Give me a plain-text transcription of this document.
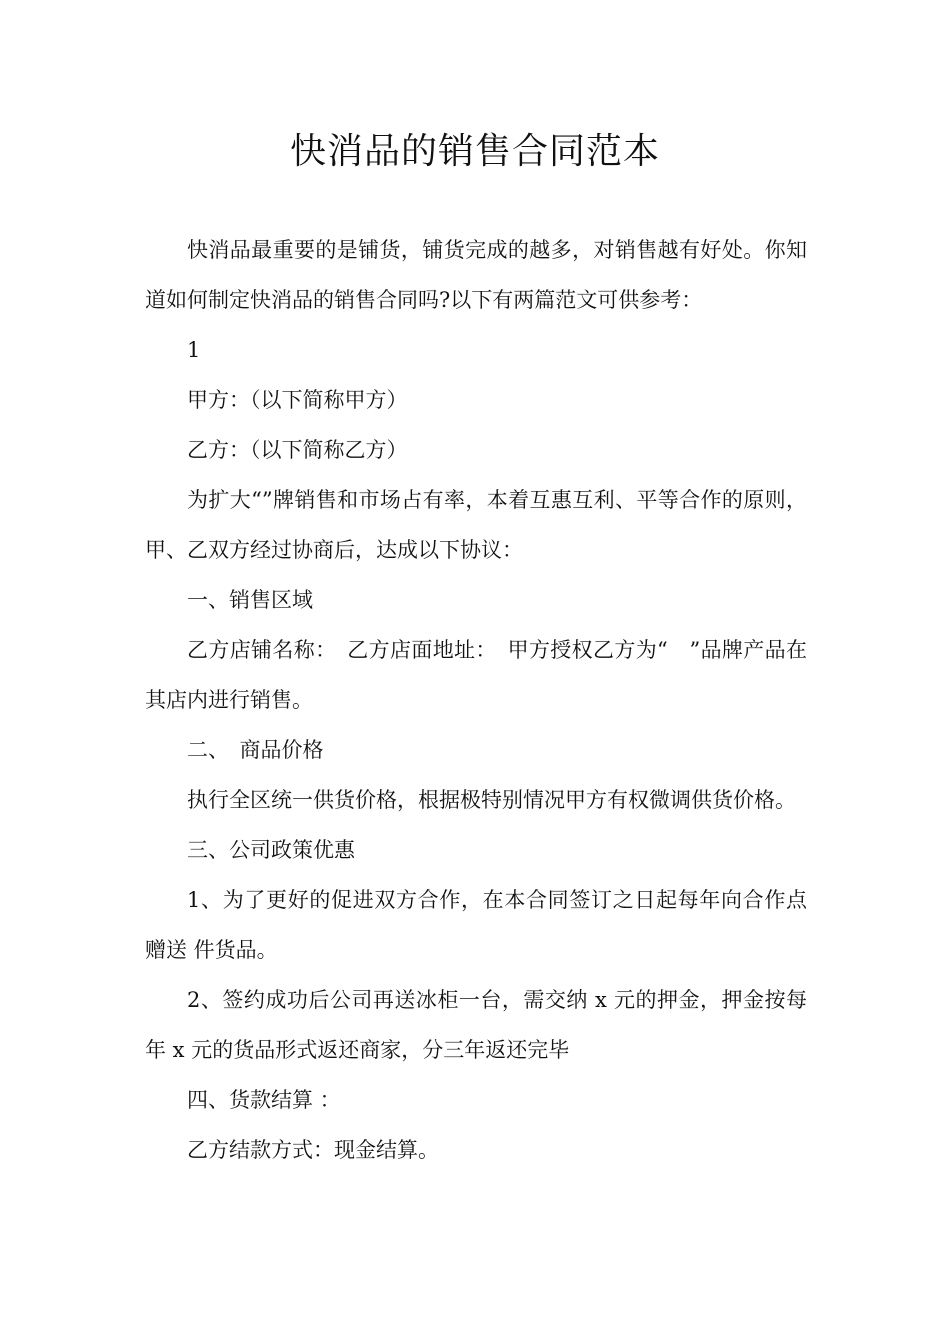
快消品的销售合同范本

快消品最重要的是铺货，铺货完成的越多，对销售越有好处。你知道如何制定快消品的销售合同吗?以下有两篇范文可供参考：

1

甲方：（以下简称甲方）

乙方：（以下简称乙方）

为扩大“”牌销售和市场占有率，本着互惠互利、平等合作的原则，甲、乙双方经过协商后，达成以下协议：

一、销售区域

乙方店铺名称：　乙方店面地址：　甲方授权乙方为“　”品牌产品在其店内进行销售。

二、　商品价格

执行全区统一供货价格，根据极特别情况甲方有权微调供货价格。

三、公司政策优惠

1、为了更好的促进双方合作，在本合同签订之日起每年向合作点赠送 件货品。

2、签约成功后公司再送冰柜一台，需交纳 x 元的押金，押金按每年 x 元的货品形式返还商家，分三年返还完毕

四、货款结算 ：

乙方结款方式：现金结算。
